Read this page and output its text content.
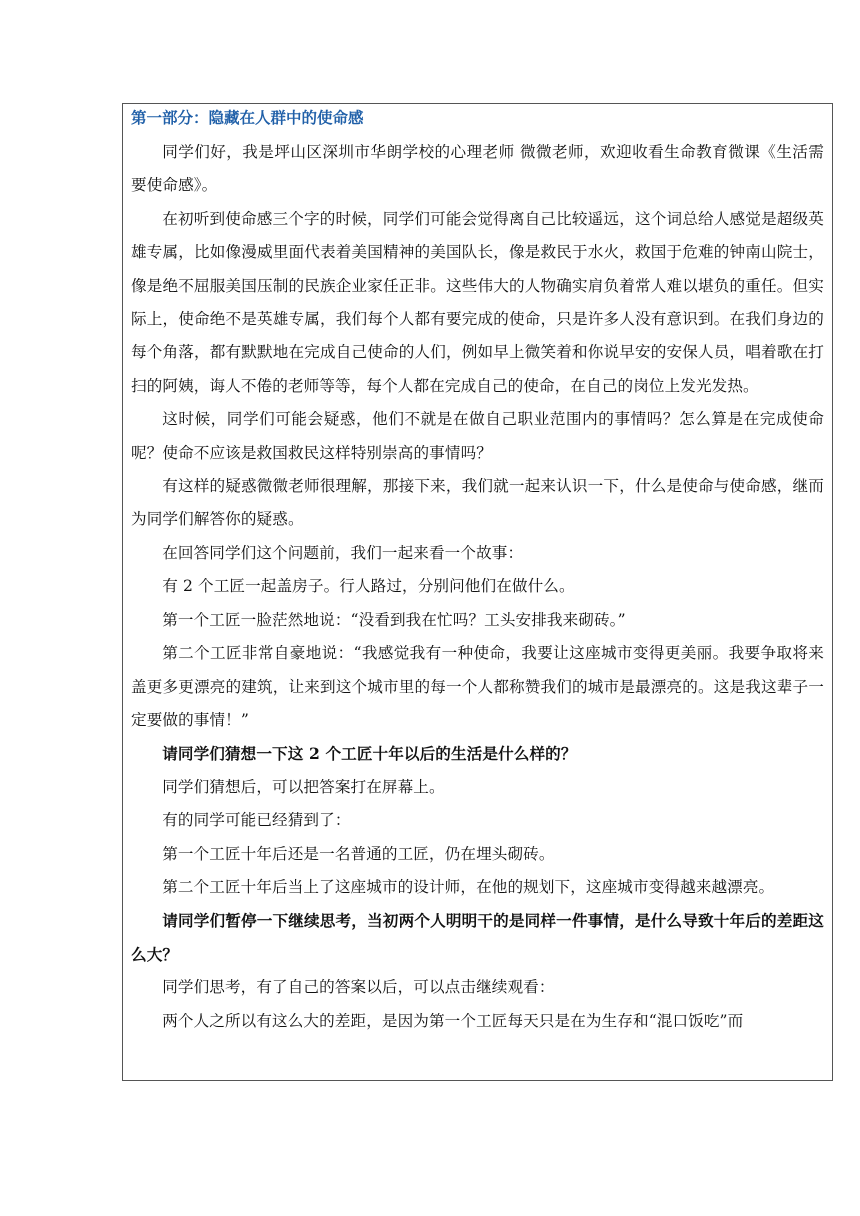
第一部分：隐藏在人群中的使命感

同学们好，我是坪山区深圳市华朗学校的心理老师 微微老师，欢迎收看生命教育微课《生活需要使命感》。

在初听到使命感三个字的时候，同学们可能会觉得离自己比较遥远，这个词总给人感觉是超级英雄专属，比如像漫威里面代表着美国精神的美国队长，像是救民于水火，救国于危难的钟南山院士，像是绝不屈服美国压制的民族企业家任正非。这些伟大的人物确实肩负着常人难以堪负的重任。但实际上，使命绝不是英雄专属，我们每个人都有要完成的使命，只是许多人没有意识到。在我们身边的每个角落，都有默默地在完成自己使命的人们，例如早上微笑着和你说早安的安保人员，唱着歌在打扫的阿姨，诲人不倦的老师等等，每个人都在完成自己的使命，在自己的岗位上发光发热。

这时候，同学们可能会疑惑，他们不就是在做自己职业范围内的事情吗？怎么算是在完成使命呢？使命不应该是救国救民这样特别崇高的事情吗？

有这样的疑惑微微老师很理解，那接下来，我们就一起来认识一下，什么是使命与使命感，继而为同学们解答你的疑惑。

在回答同学们这个问题前，我们一起来看一个故事：

有 2 个工匠一起盖房子。行人路过，分别问他们在做什么。

第一个工匠一脸茫然地说：“没看到我在忙吗？工头安排我来砌砖。”

第二个工匠非常自豪地说：“我感觉我有一种使命，我要让这座城市变得更美丽。我要争取将来盖更多更漂亮的建筑，让来到这个城市里的每一个人都称赞我们的城市是最漂亮的。这是我这辈子一定要做的事情！”

请同学们猜想一下这 2 个工匠十年以后的生活是什么样的？

同学们猜想后，可以把答案打在屏幕上。

有的同学可能已经猜到了：

第一个工匠十年后还是一名普通的工匠，仍在埋头砌砖。

第二个工匠十年后当上了这座城市的设计师，在他的规划下，这座城市变得越来越漂亮。

请同学们暂停一下继续思考，当初两个人明明干的是同样一件事情，是什么导致十年后的差距这么大？

同学们思考，有了自己的答案以后，可以点击继续观看：

两个人之所以有这么大的差距，是因为第一个工匠每天只是在为生存和“混口饭吃”而
